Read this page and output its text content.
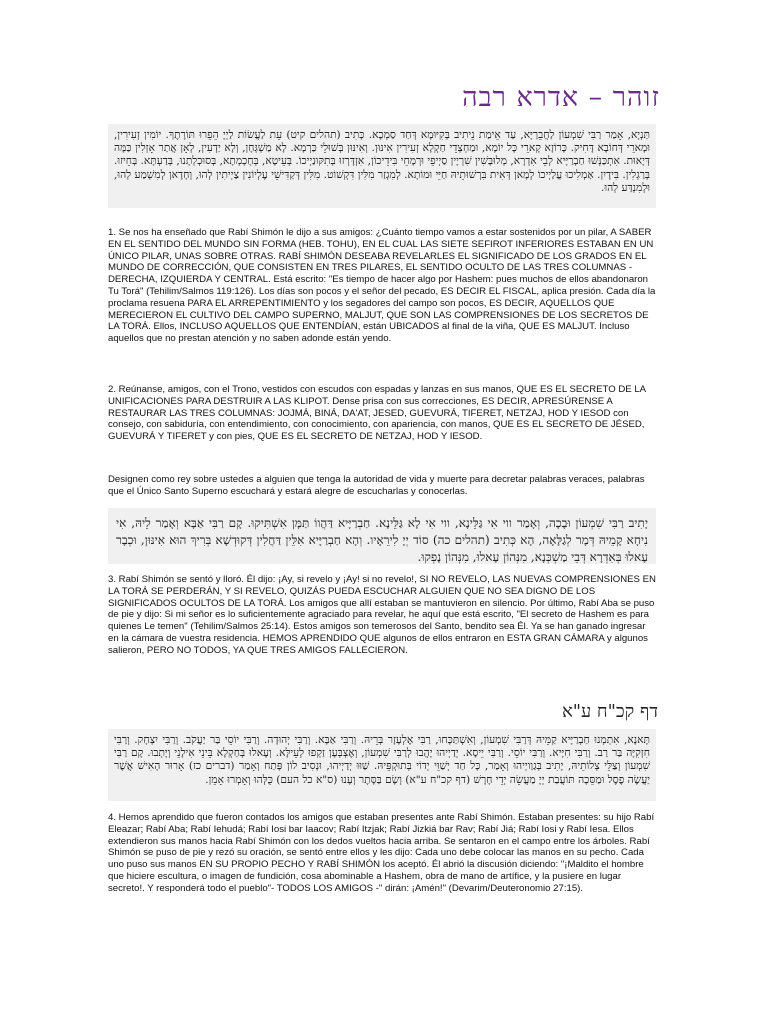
זוהר – אדרא רבה
תַּנְיָא, אָמַר רַבִּי שִׁמְעוֹן לַחֲבֵרַיָּא, עַד אֵימַת נֵיתִיב בְּקִיּוּמָא דְּחַד סַמְכָא. כְּתִיב (תהלים קיט) עֵת לַעֲשׂוֹת לַיְיָ הֵפֵרוּ תּוֹרָתֶךָ. יוֹמִין זְעִירִין, וּמָארֵי דְּחוֹבָא דָּחִיק. כָּרוֹזָא קָארֵי כָּל יוֹמָא, וּמַחְצְדֵי חַקְלָא זְעִירִין אִינּוּן. וְאִינּוּן בְּשׁוּלֵי כַּרְמָא. לָא מַשְׁגְּחָן, וְלָא יַדְעִין, לְאָן אֲתַר אָזְלִין כַּמָּה דְּיָאוּת. אִתְכַּנְּשׁוּ חַבְרַיָּיא לְבֵי אִדְרָא, מְלוּבָּשִׁין שִׁרְיָין סַיְיפֵי וּרְמָחֵי בִּידֵיכוֹן, אִזְדָּרְזוּ בְּתִקּוּנַיְיכוֹ. בְּעֵיטָא, בְּחָכְמְתָא, בְּסוּכְלְתָנוּ, בְּדַעְתָּא. בְּחֵיזוּ. בְּרַגְלִין. בִּידָיִן. אַמְלִיכוּ עֲלַיְיכוֹ לְמָאן דְּאִית בִּרְשׁוּתֵיהּ חַיֵּי וּמוֹתָא. לְמִגְזַר מִלִּין דִּקְשׁוֹט. מִלִּין דְּקַדִּישֵׁי עֶלְיוֹנִין צַיְיתִין לְהוּ, וְחָדָאן לְמִשְׁמַע לְהוּ, וּלְמִנְדַּע לְהוּ.
1. Se nos ha enseñado que Rabí Shimón le dijo a sus amigos: ¿Cuánto tiempo vamos a estar sostenidos por un pilar, A SABER EN EL SENTIDO DEL MUNDO SIN FORMA (HEB. TOHU), EN EL CUAL LAS SIETE SEFIROT INFERIORES ESTABAN EN UN ÚNICO PILAR, UNAS SOBRE OTRAS. RABÍ SHIMÓN DESEABA REVELARLES EL SIGNIFICADO DE LOS GRADOS EN EL MUNDO DE CORRECCIÓN, QUE CONSISTEN EN TRES PILARES, EL SENTIDO OCULTO DE LAS TRES COLUMNAS - DERECHA, IZQUIERDA Y CENTRAL. Está escrito: "Es tiempo de hacer algo por Hashem: pues muchos de ellos abandonaron Tu Torá" (Tehilim/Salmos 119:126). Los días son pocos y el señor del pecado, ES DECIR EL FISCAL, aplica presión. Cada día la proclama resuena PARA EL ARREPENTIMIENTO y los segadores del campo son pocos, ES DECIR, AQUELLOS QUE MERECIERON EL CULTIVO DEL CAMPO SUPERNO, MALJUT, QUE SON LAS COMPRENSIONES DE LOS SECRETOS DE LA TORÁ. Ellos, INCLUSO AQUELLOS QUE ENTENDÍAN, están UBICADOS al final de la viña, QUE ES MALJUT. Incluso aquellos que no prestan atención y no saben adonde están yendo.
2. Reúnanse, amigos, con el Trono, vestidos con escudos con espadas y lanzas en sus manos, QUE ES EL SECRETO DE LA UNIFICACIONES PARA DESTRUIR A LAS KLIPOT. Dense prisa con sus correcciones, ES DECIR, APRESÚRENSE A RESTAURAR LAS TRES COLUMNAS: JOJMÁ, BINÁ, DA'AT, JESED, GUEVURÁ, TIFERET, NETZAJ, HOD Y IESOD con consejo, con sabiduría, con entendimiento, con conocimiento, con apariencia, con manos, QUE ES EL SECRETO DE JÉSED, GUEVURÁ Y TIFERET y con pies, QUE ES EL SECRETO DE NETZAJ, HOD Y IESOD.
Designen como rey sobre ustedes a alguien que tenga la autoridad de vida y muerte para decretar palabras veraces, palabras que el Único Santo Superno escuchará y estará alegre de escucharlas y conocerlas.
יָתִיב רַבִּי שִׁמְעוֹן וּבָכָה, וְאָמַר ווי אִי גַּלֵּינָא, ווי אִי לָא גַּלֵּינָא. חַבְרַיָּיא דַּהֲווֹ תַּמָּן אִשְׁתִּיקוּ. קָם רַבִּי אַבָּא וְאָמַר לֵיהּ, אִי נִיחָא קָמֵיהּ דְּמָר לְגַלָּאָה, הָא כְּתִיב (תהלים כה) סוֹד יְיָ לִירֵאָיו. וְהָא חַבְרַיָּיא אִלֵּין דַּחֲלִין דְּקוּדְשָׁא בְּרִיךְ הוּא אִינּוּן, וּכְבָר עָאלוּ בְּאִדְרָא דְּבֵי מַשְׁכְּנָא, מִנְּהוֹן עָאלוּ, מִנְּהוֹן נָפְקוּ.
3. Rabí Shimón se sentó y lloró. Él dijo: ¡Ay, si revelo y ¡Ay! si no revelo!, SI NO REVELO, LAS NUEVAS COMPRENSIONES EN LA TORÁ SE PERDERÁN, Y SI REVELO, QUIZÁS PUEDA ESCUCHAR ALGUIEN QUE NO SEA DIGNO DE LOS SIGNIFICADOS OCULTOS DE LA TORÁ. Los amigos que allí estaban se mantuvieron en silencio. Por último, Rabí Aba se puso de pie y dijo: Si mi señor es lo suficientemente agraciado para revelar, he aquí que está escrito, "El secreto de Hashem es para quienes Le temen" (Tehilim/Salmos 25:14). Estos amigos son temerosos del Santo, bendito sea Él. Ya se han ganado ingresar en la cámara de vuestra residencia. HEMOS APRENDIDO QUE algunos de ellos entraron en ESTA GRAN CÁMARA y algunos salieron, PERO NO TODOS, YA QUE TRES AMIGOS FALLECIERON.
דף קכ"ח ע"א
תָּאנָא, אִתְמְנוּ חַבְרַיָּיא קַמֵּיהּ דְּרַבִּי שִׁמְעוֹן, וְאִשְׁתַּכָּחוּ, רַבִּי אֶלְעָזָר בְּרֵיהּ. וְרַבִּי אַבָּא. וְרַבִּי יְהוּדָה. וְרַבִּי יוֹסֵי בַּר יַעֲקֹב. וְרַבִּי יִצְחָק. וְרַבִּי חִזְקִיָּה בַּר רַב. וְרַבִּי חִיָּיא. וְרַבִּי יוֹסֵי. וְרַבִּי יֵיסָא. יְדַיְיהוּ יָהֲבוּ לְרַבִּי שִׁמְעוֹן, וְאֶצְבְּעָן זַקְפוּ לְעֵילָּא. וְעָאלוּ בְּחַקְלָא בֵּינֵי אִילָנֵי וְיָתְבוּ. קָם רַבִּי שִׁמְעוֹן וְצַלֵּי צְלוֹתֵיהּ, יָתִיב בְּגַוַויְיהוּ וְאָמַר, כָּל חַד יְשַׁוֵּי יְדוֹי בְּתוּקְפֵּיהּ. שַׁוּוּ יְדַיְיהוּ, וּנְסִיב לוֹן פָּתַח וְאָמַר (דברים כז) אָרוּר הָאִישׁ אֲשֶׁר יַעֲשֶׂה פֶסֶל וּמַסֵּכָה תּוֹעֲבַת יְיָ מַעֲשֵׂה יְדֵי חָרָשׁ (דף קכ"ח ע"א) וְשָׂם בַּסָּתֶר וְעָנוּ (ס"א כל העם) כֻּלְּהוּ וְאָמְרוּ אָמֵן.
4. Hemos aprendido que fueron contados los amigos que estaban presentes ante Rabí Shimón. Estaban presentes: su hijo Rabí Eleazar; Rabí Aba; Rabí Iehudá; Rabí Iosi bar Iaacov; Rabí Itzjak; Rabí Jizkiá bar Rav; Rabí Jiá; Rabí Iosi y Rabí Iesa. Ellos extendieron sus manos hacia Rabí Shimón con los dedos vueltos hacia arriba. Se sentaron en el campo entre los árboles. Rabí Shimón se puso de pie y rezó su oración, se sentó entre ellos y les dijo: Cada uno debe colocar las manos en su pecho. Cada uno puso sus manos EN SU PROPIO PECHO Y RABÍ SHIMÓN los aceptó. Él abrió la discusión diciendo: "¡Maldito el hombre que hiciere escultura, o imagen de fundición, cosa abominable a Hashem, obra de mano de artífice, y la pusiere en lugar secreto!. Y responderá todo el pueblo"- TODOS LOS AMIGOS -" dirán: ¡Amén!" (Devarim/Deuteronomio 27:15).
